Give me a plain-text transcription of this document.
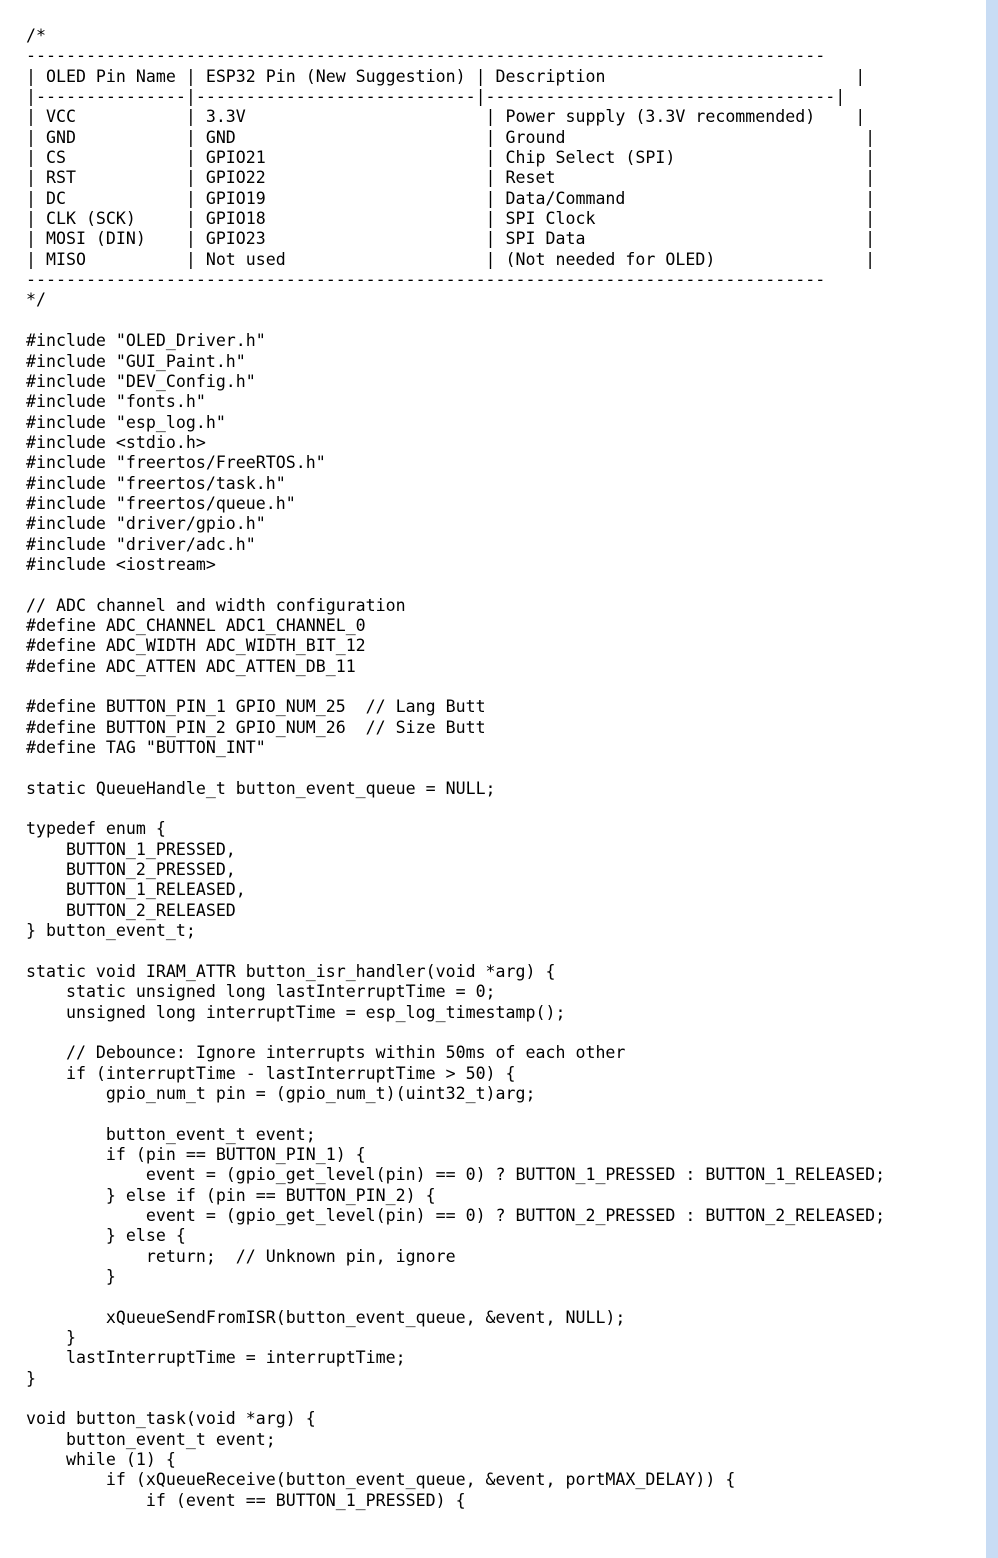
/*
--------------------------------------------------------------------------------
| OLED Pin Name | ESP32 Pin (New Suggestion) | Description                         |
|---------------|----------------------------|-----------------------------------|
| VCC           | 3.3V                        | Power supply (3.3V recommended)    |
| GND           | GND                         | Ground                              |
| CS            | GPIO21                      | Chip Select (SPI)                   |
| RST           | GPIO22                      | Reset                               |
| DC            | GPIO19                      | Data/Command                        |
| CLK (SCK)     | GPIO18                      | SPI Clock                           |
| MOSI (DIN)    | GPIO23                      | SPI Data                            |
| MISO          | Not used                    | (Not needed for OLED)               |
--------------------------------------------------------------------------------
*/
#include "OLED_Driver.h"
#include "GUI_Paint.h"
#include "DEV_Config.h"
#include "fonts.h"
#include "esp_log.h"
#include <stdio.h>
#include "freertos/FreeRTOS.h"
#include "freertos/task.h"
#include "freertos/queue.h"
#include "driver/gpio.h"
#include "driver/adc.h"
#include <iostream>
// ADC channel and width configuration
#define ADC_CHANNEL ADC1_CHANNEL_0
#define ADC_WIDTH ADC_WIDTH_BIT_12
#define ADC_ATTEN ADC_ATTEN_DB_11
#define BUTTON_PIN_1 GPIO_NUM_25  // Lang Butt
#define BUTTON_PIN_2 GPIO_NUM_26  // Size Butt
#define TAG "BUTTON_INT"
static QueueHandle_t button_event_queue = NULL;
typedef enum {
BUTTON_1_PRESSED,
BUTTON_2_PRESSED,
BUTTON_1_RELEASED,
BUTTON_2_RELEASED
} button_event_t;
static void IRAM_ATTR button_isr_handler(void *arg) {
static unsigned long lastInterruptTime = 0;
unsigned long interruptTime = esp_log_timestamp();
// Debounce: Ignore interrupts within 50ms of each other
if (interruptTime - lastInterruptTime > 50) {
gpio_num_t pin = (gpio_num_t)(uint32_t)arg;
button_event_t event;
if (pin == BUTTON_PIN_1) {
event = (gpio_get_level(pin) == 0) ? BUTTON_1_PRESSED : BUTTON_1_RELEASED;
} else if (pin == BUTTON_PIN_2) {
event = (gpio_get_level(pin) == 0) ? BUTTON_2_PRESSED : BUTTON_2_RELEASED;
} else {
return;  // Unknown pin, ignore
}
xQueueSendFromISR(button_event_queue, &event, NULL);
}
lastInterruptTime = interruptTime;
}
void button_task(void *arg) {
button_event_t event;
while (1) {
if (xQueueReceive(button_event_queue, &event, portMAX_DELAY)) {
if (event == BUTTON_1_PRESSED) {
